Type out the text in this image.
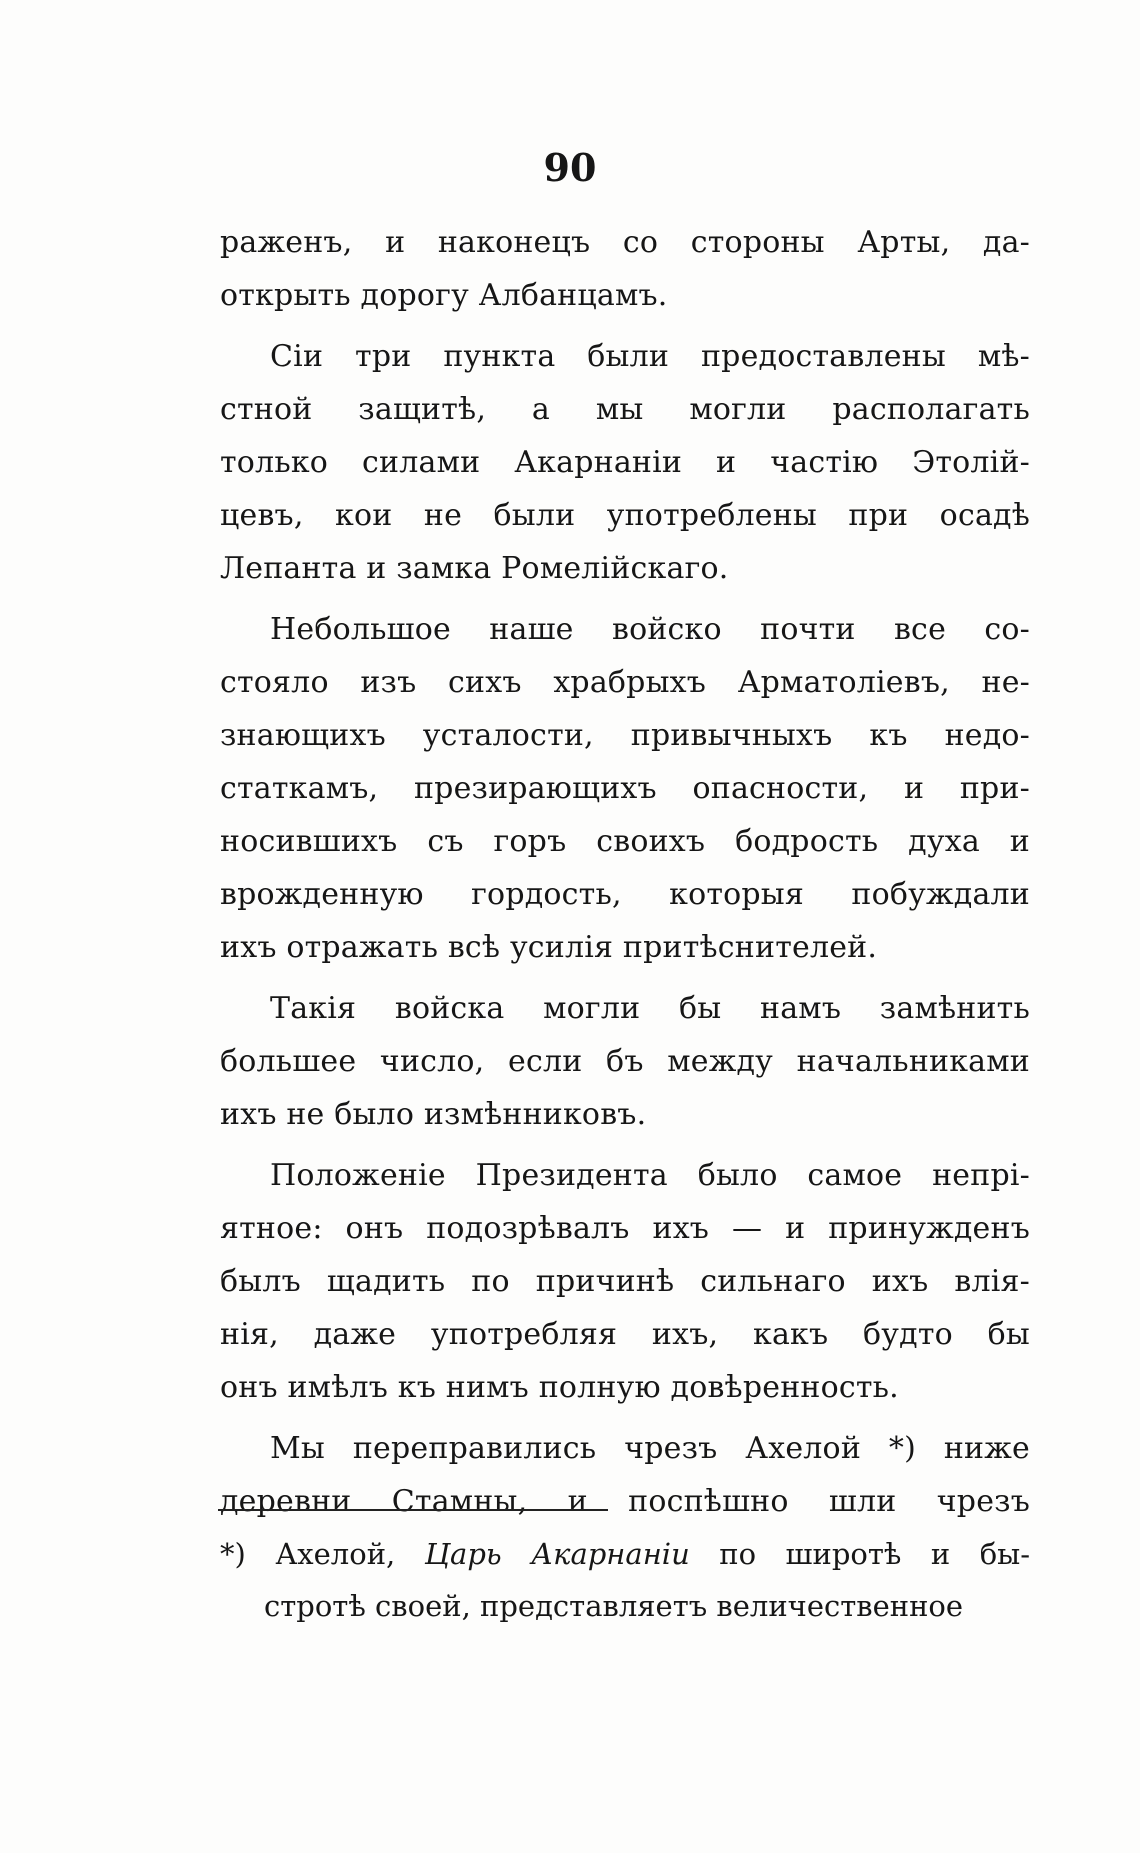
90
раженъ, и наконецъ со стороны Арты, да-
открыть дорогу Албанцамъ.
Сіи три пункта были предоставлены мѣ-
стной защитѣ, а мы могли располагать
только силами Акарнаніи и частію Этолій-
цевъ, кои не были употреблены при осадѣ
Лепанта и замка Ромелійскаго.
Небольшое наше войско почти все со-
стояло изъ сихъ храбрыхъ Арматоліевъ, не-
знающихъ усталости, привычныхъ къ недо-
статкамъ, презирающихъ опасности, и при-
носившихъ съ горъ своихъ бодрость духа и
врожденную гордость, которыя побуждали
ихъ отражать всѣ усилія притѣснителей.
Такія войска могли бы намъ замѣнить
большее число, если бъ между начальниками
ихъ не было измѣнниковъ.
Положеніе Президента было самое непрі-
ятное: онъ подозрѣвалъ ихъ — и принужденъ
былъ щадить по причинѣ сильнаго ихъ влія-
нія, даже употребляя ихъ, какъ будто бы
онъ имѣлъ къ нимъ полную довѣренность.
Мы переправились чрезъ Ахелой *) ниже
деревни Стамны, и поспѣшно шли чрезъ
*) Ахелой, Царь Акарнаніи по широтѣ и бы-
стротѣ своей, представляетъ величественное
